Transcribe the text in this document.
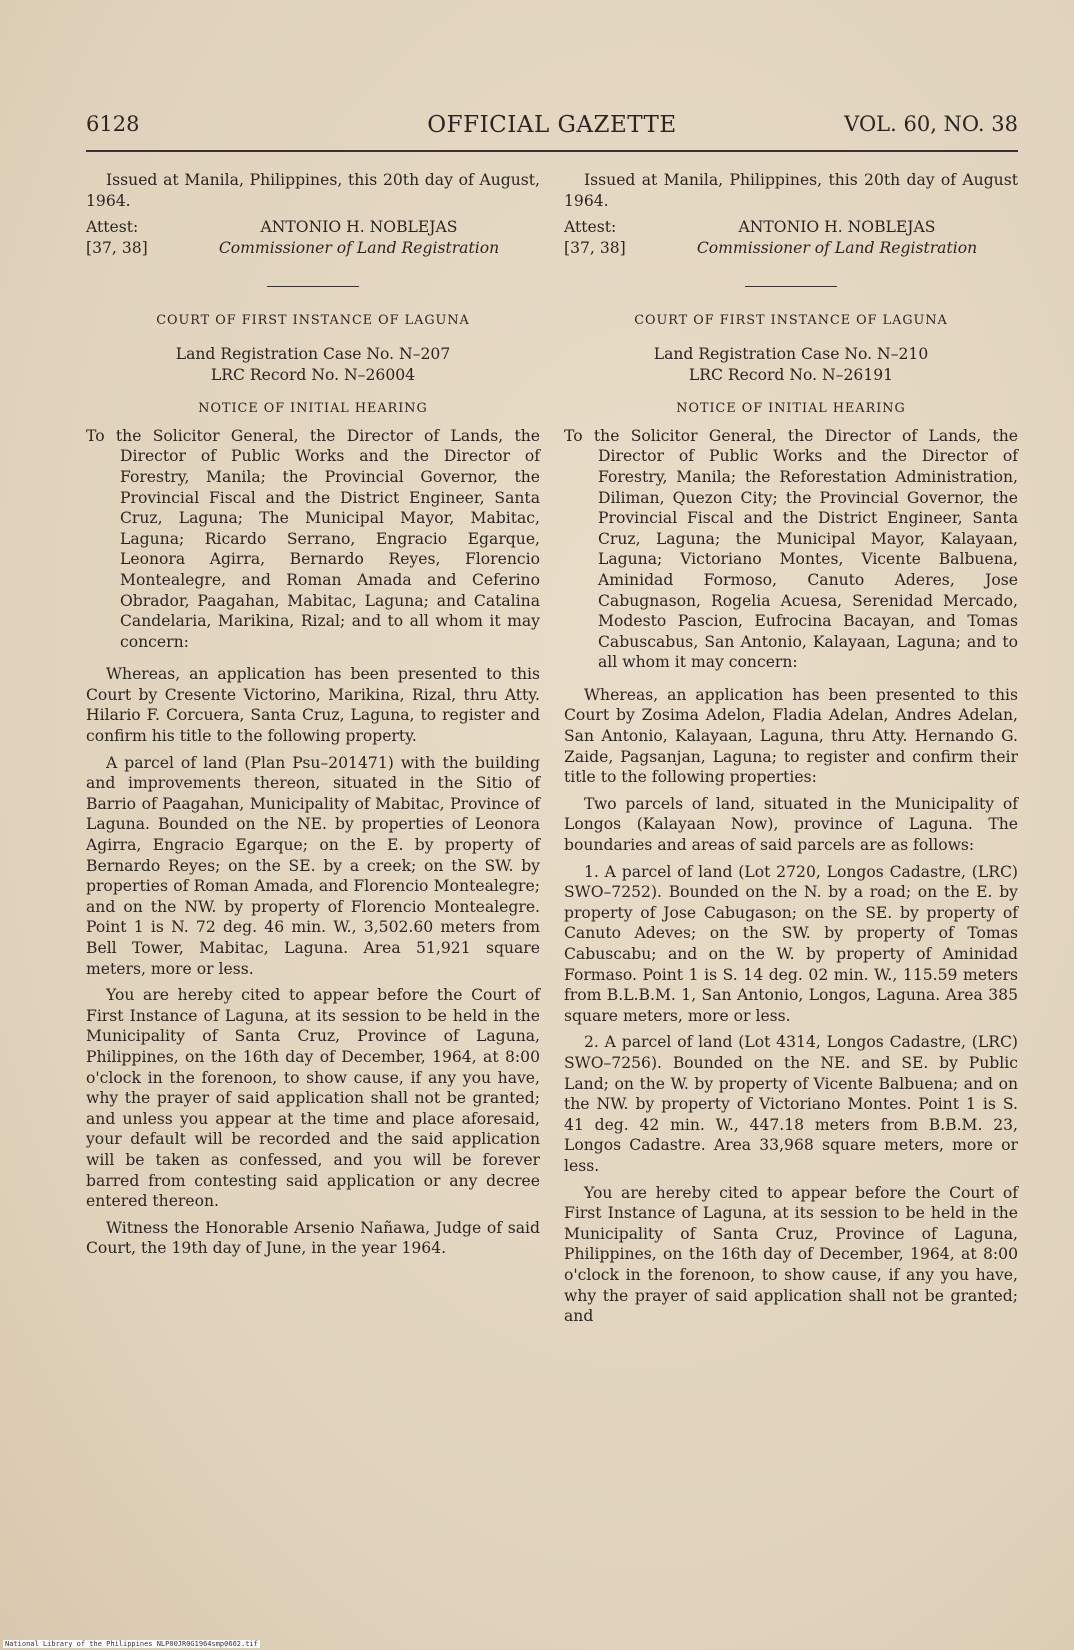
6128	OFFICIAL GAZETTE	VOL. 60, NO. 38

Issued at Manila, Philippines, this 20th day of August, 1964.

Attest:	ANTONIO H. NOBLEJAS
[37, 38]	Commissioner of Land Registration

COURT OF FIRST INSTANCE OF LAGUNA

Land Registration Case No. N–207

LRC Record No. N–26004

NOTICE OF INITIAL HEARING

To the Solicitor General, the Director of Lands, the Director of Public Works and the Director of Forestry, Manila; the Provincial Governor, the Provincial Fiscal and the District Engineer, Santa Cruz, Laguna; The Municipal Mayor, Mabitac, Laguna; Ricardo Serrano, Engracio Egarque, Leonora Agirra, Bernardo Reyes, Florencio Montealegre, and Roman Amada and Ceferino Obrador, Paagahan, Mabitac, Laguna; and Catalina Candelaria, Marikina, Rizal; and to all whom it may concern:

Whereas, an application has been presented to this Court by Cresente Victorino, Marikina, Rizal, thru Atty. Hilario F. Corcuera, Santa Cruz, Laguna, to register and confirm his title to the following property.

A parcel of land (Plan Psu–201471) with the building and improvements thereon, situated in the Sitio of Barrio of Paagahan, Municipality of Mabitac, Province of Laguna. Bounded on the NE. by properties of Leonora Agirra, Engracio Egarque; on the E. by property of Bernardo Reyes; on the SE. by a creek; on the SW. by properties of Roman Amada, and Florencio Montealegre; and on the NW. by property of Florencio Montealegre. Point 1 is N. 72 deg. 46 min. W., 3,502.60 meters from Bell Tower, Mabitac, Laguna. Area 51,921 square meters, more or less.

You are hereby cited to appear before the Court of First Instance of Laguna, at its session to be held in the Municipality of Santa Cruz, Province of Laguna, Philippines, on the 16th day of December, 1964, at 8:00 o'clock in the forenoon, to show cause, if any you have, why the prayer of said application shall not be granted; and unless you appear at the time and place aforesaid, your default will be recorded and the said application will be taken as confessed, and you will be forever barred from contesting said application or any decree entered thereon.

Witness the Honorable Arsenio Nañawa, Judge of said Court, the 19th day of June, in the year 1964.

Issued at Manila, Philippines, this 20th day of August 1964.

Attest:	ANTONIO H. NOBLEJAS
[37, 38]	Commissioner of Land Registration

COURT OF FIRST INSTANCE OF LAGUNA

Land Registration Case No. N–210

LRC Record No. N–26191

NOTICE OF INITIAL HEARING

To the Solicitor General, the Director of Lands, the Director of Public Works and the Director of Forestry, Manila; the Reforestation Administration, Diliman, Quezon City; the Provincial Governor, the Provincial Fiscal and the District Engineer, Santa Cruz, Laguna; the Municipal Mayor, Kalayaan, Laguna; Victoriano Montes, Vicente Balbuena, Aminidad Formoso, Canuto Aderes, Jose Cabugnason, Rogelia Acuesa, Serenidad Mercado, Modesto Pascion, Eufrocina Bacayan, and Tomas Cabuscabus, San Antonio, Kalayaan, Laguna; and to all whom it may concern:

Whereas, an application has been presented to this Court by Zosima Adelon, Fladia Adelan, Andres Adelan, San Antonio, Kalayaan, Laguna, thru Atty. Hernando G. Zaide, Pagsanjan, Laguna; to register and confirm their title to the following properties:

Two parcels of land, situated in the Municipality of Longos (Kalayaan Now), province of Laguna. The boundaries and areas of said parcels are as follows:

1. A parcel of land (Lot 2720, Longos Cadastre, (LRC) SWO–7252). Bounded on the N. by a road; on the E. by property of Jose Cabugason; on the SE. by property of Canuto Adeves; on the SW. by property of Tomas Cabuscabu; and on the W. by property of Aminidad Formaso. Point 1 is S. 14 deg. 02 min. W., 115.59 meters from B.L.B.M. 1, San Antonio, Longos, Laguna. Area 385 square meters, more or less.

2. A parcel of land (Lot 4314, Longos Cadastre, (LRC) SWO–7256). Bounded on the NE. and SE. by Public Land; on the W. by property of Vicente Balbuena; and on the NW. by property of Victoriano Montes. Point 1 is S. 41 deg. 42 min. W., 447.18 meters from B.B.M. 23, Longos Cadastre. Area 33,968 square meters, more or less.

You are hereby cited to appear before the Court of First Instance of Laguna, at its session to be held in the Municipality of Santa Cruz, Province of Laguna, Philippines, on the 16th day of December, 1964, at 8:00 o'clock in the forenoon, to show cause, if any you have, why the prayer of said application shall not be granted; and

National Library of the Philippines NLP00JR0G1964smp0662.tif
